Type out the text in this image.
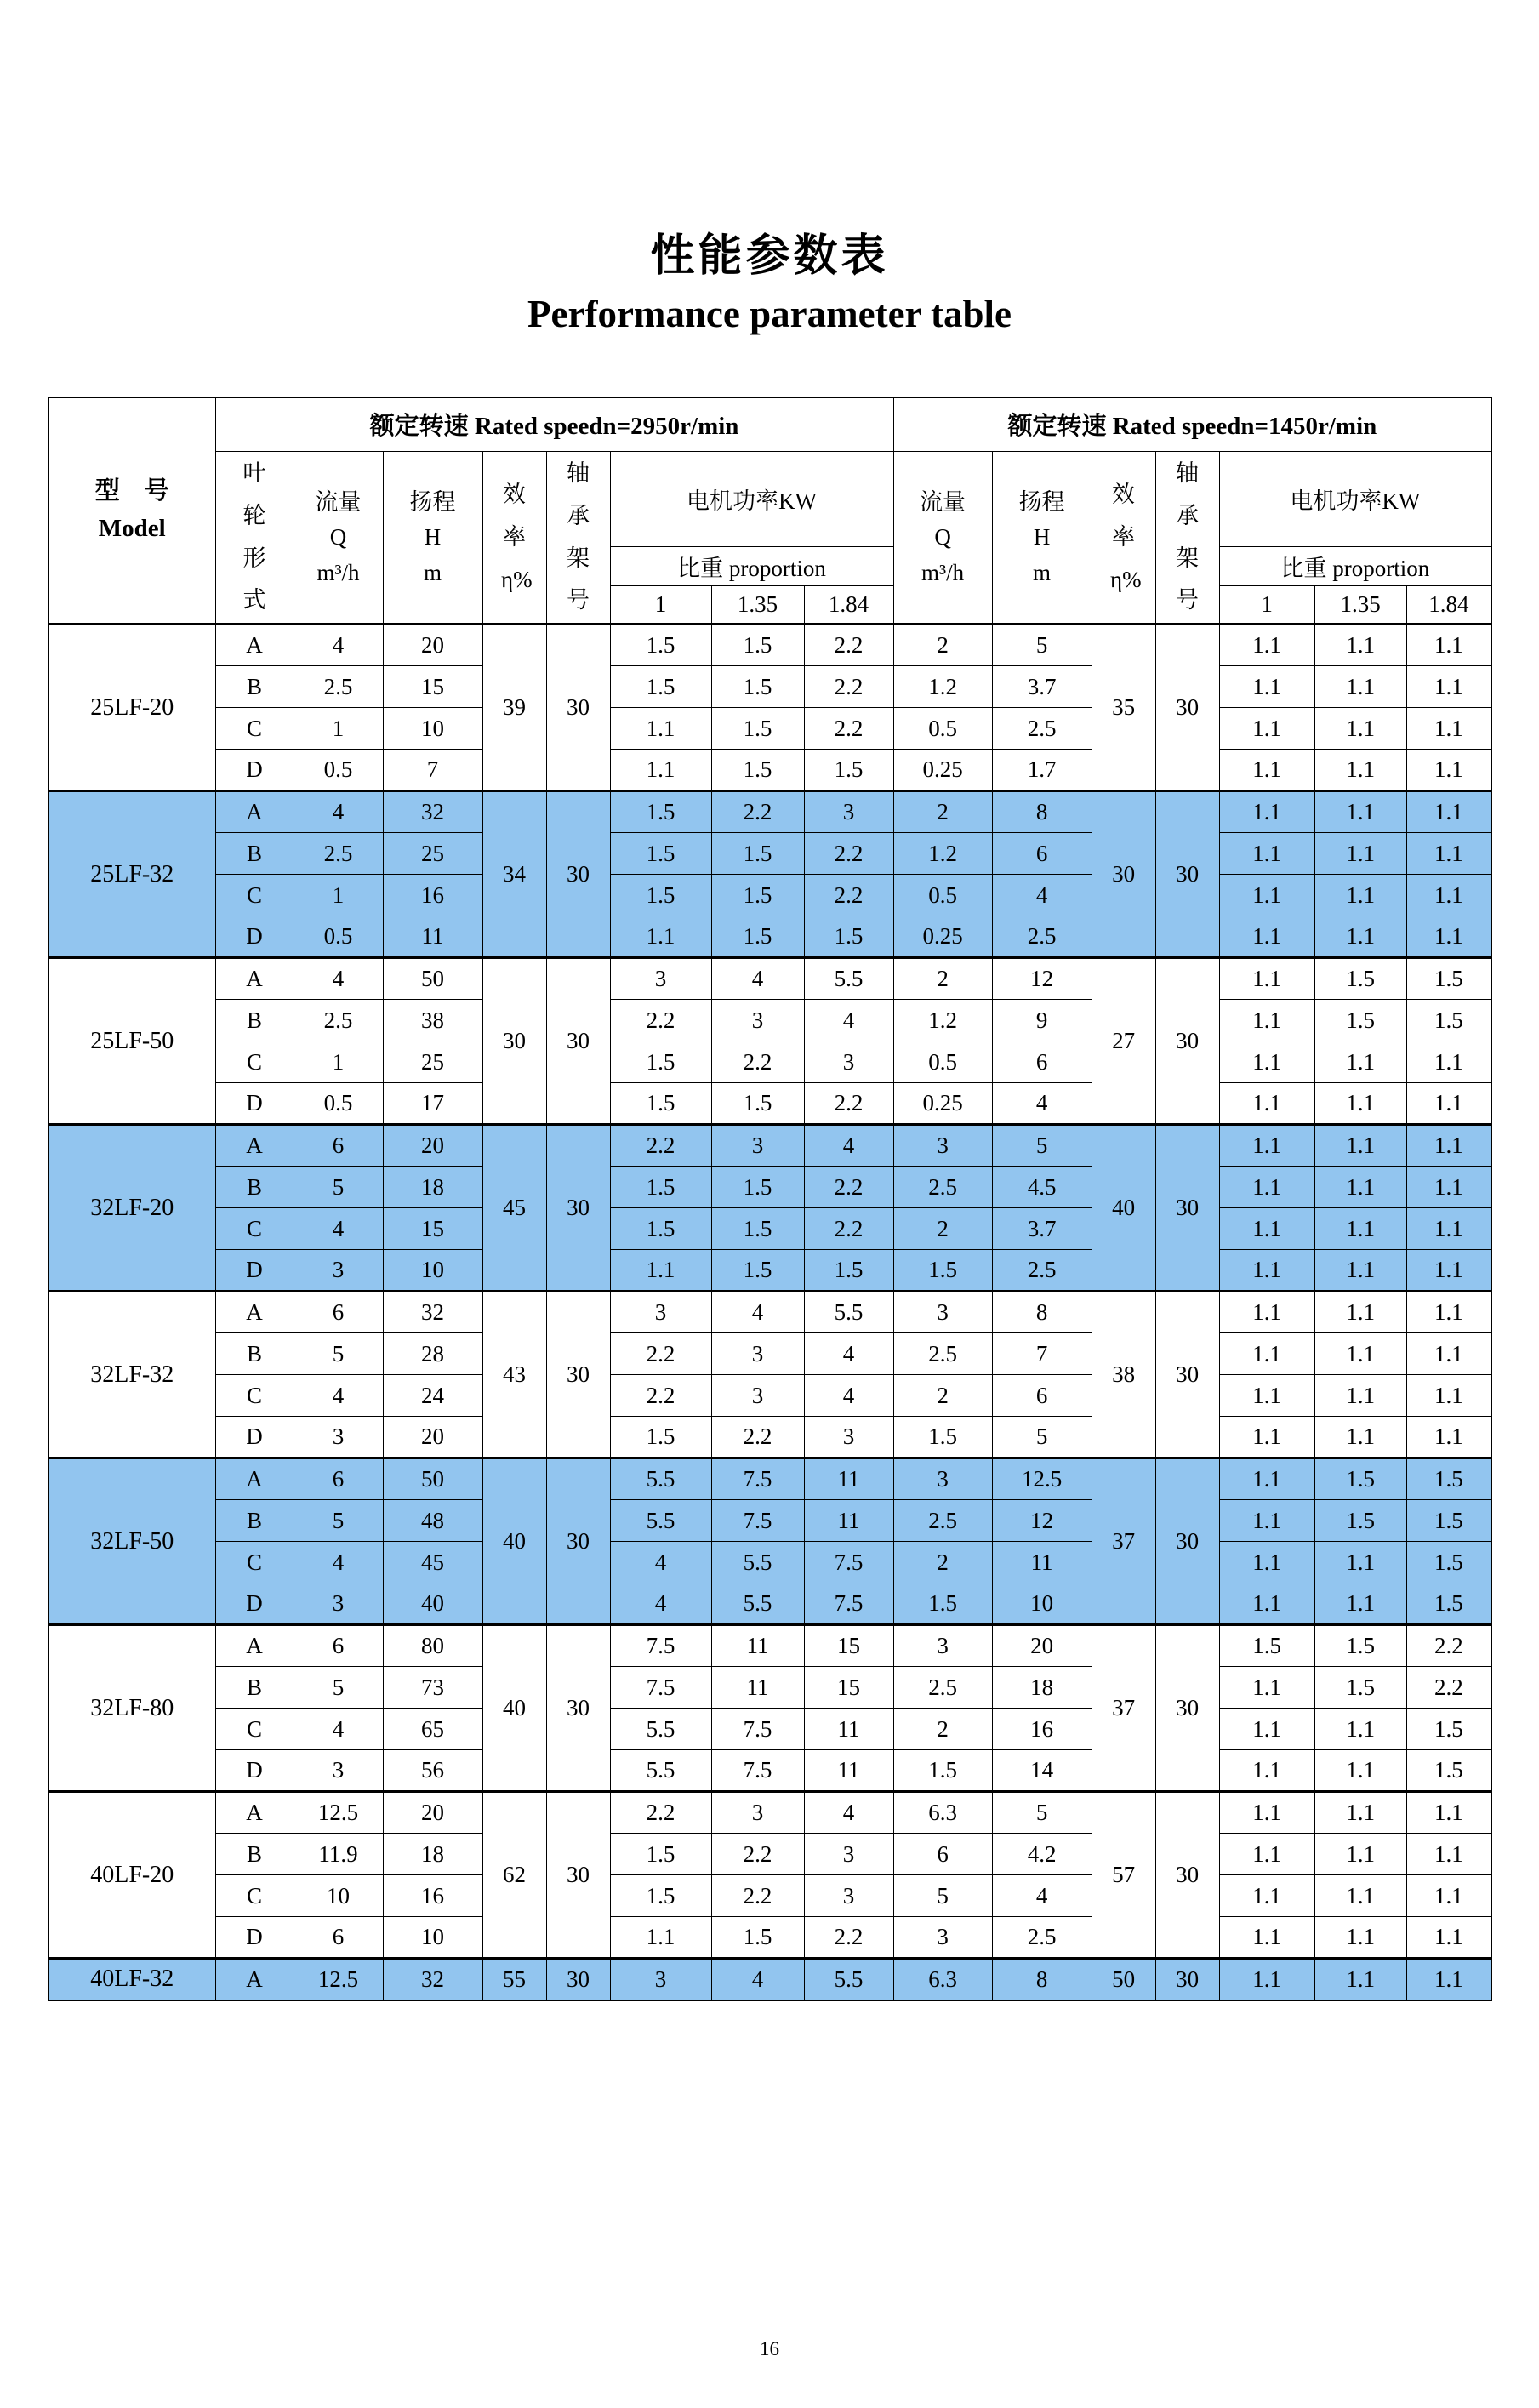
性能参数表
Performance parameter table
型　号
Model	额定转速 Rated speedn=2950r/min								额定转速 Rated speedn=1450r/min						

	叶轮形式	流量
Q
m³/h	扬程
H
m	效率η%	轴承架号	电机功率KW			流量
Q
m³/h	扬程
H
m	效率η%	轴承架号	电机功率KW		
						比重 proportion							比重 proportion		
						1	1.35	1.84					1	1.35	1.84
25LF-20	A	4	20	39	30	1.5	1.5	2.2	2	5	35	30	1.1	1.1	1.1
	B	2.5	15			1.5	1.5	2.2	1.2	3.7			1.1	1.1	1.1
	C	1	10			1.1	1.5	2.2	0.5	2.5			1.1	1.1	1.1
	D	0.5	7			1.1	1.5	1.5	0.25	1.7			1.1	1.1	1.1
25LF-32	A	4	32	34	30	1.5	2.2	3	2	8	30	30	1.1	1.1	1.1
	B	2.5	25			1.5	1.5	2.2	1.2	6			1.1	1.1	1.1
	C	1	16			1.5	1.5	2.2	0.5	4			1.1	1.1	1.1
	D	0.5	11			1.1	1.5	1.5	0.25	2.5			1.1	1.1	1.1
25LF-50	A	4	50	30	30	3	4	5.5	2	12	27	30	1.1	1.5	1.5
	B	2.5	38			2.2	3	4	1.2	9			1.1	1.5	1.5
	C	1	25			1.5	2.2	3	0.5	6			1.1	1.1	1.1
	D	0.5	17			1.5	1.5	2.2	0.25	4			1.1	1.1	1.1
32LF-20	A	6	20	45	30	2.2	3	4	3	5	40	30	1.1	1.1	1.1
	B	5	18			1.5	1.5	2.2	2.5	4.5			1.1	1.1	1.1
	C	4	15			1.5	1.5	2.2	2	3.7			1.1	1.1	1.1
	D	3	10			1.1	1.5	1.5	1.5	2.5			1.1	1.1	1.1
32LF-32	A	6	32	43	30	3	4	5.5	3	8	38	30	1.1	1.1	1.1
	B	5	28			2.2	3	4	2.5	7			1.1	1.1	1.1
	C	4	24			2.2	3	4	2	6			1.1	1.1	1.1
	D	3	20			1.5	2.2	3	1.5	5			1.1	1.1	1.1
32LF-50	A	6	50	40	30	5.5	7.5	11	3	12.5	37	30	1.1	1.5	1.5
	B	5	48			5.5	7.5	11	2.5	12			1.1	1.5	1.5
	C	4	45			4	5.5	7.5	2	11			1.1	1.1	1.5
	D	3	40			4	5.5	7.5	1.5	10			1.1	1.1	1.5
32LF-80	A	6	80	40	30	7.5	11	15	3	20	37	30	1.5	1.5	2.2
	B	5	73			7.5	11	15	2.5	18			1.1	1.5	2.2
	C	4	65			5.5	7.5	11	2	16			1.1	1.1	1.5
	D	3	56			5.5	7.5	11	1.5	14			1.1	1.1	1.5
40LF-20	A	12.5	20	62	30	2.2	3	4	6.3	5	57	30	1.1	1.1	1.1
	B	11.9	18			1.5	2.2	3	6	4.2			1.1	1.1	1.1
	C	10	16			1.5	2.2	3	5	4			1.1	1.1	1.1
	D	6	10			1.1	1.5	2.2	3	2.5			1.1	1.1	1.1
40LF-32	A	12.5	32	55	30	3	4	5.5	6.3	8	50	30	1.1	1.1	1.1
16
